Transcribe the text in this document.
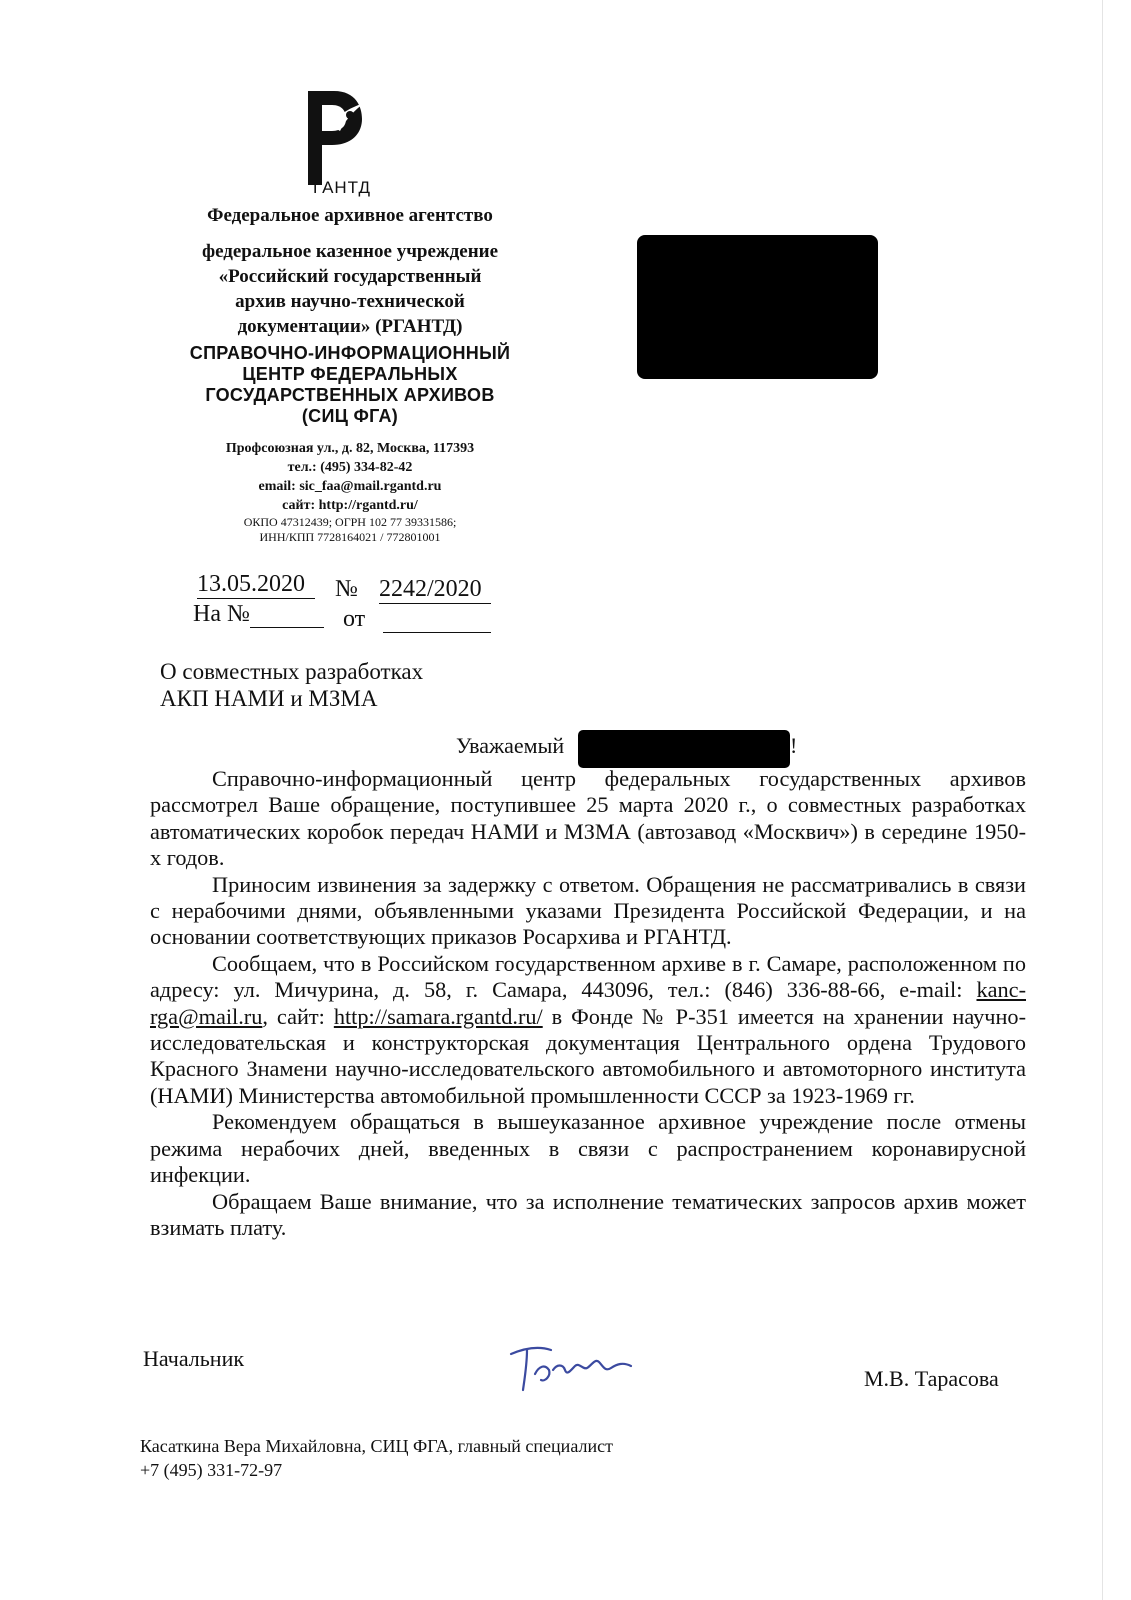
ГАНТД
Федеральное архивное агентство
федеральное казенное учреждение
«Российский государственный
архив научно-технической
документации» (РГАНТД)
СПРАВОЧНО-ИНФОРМАЦИОННЫЙ
ЦЕНТР ФЕДЕРАЛЬНЫХ
ГОСУДАРСТВЕННЫХ АРХИВОВ
(СИЦ ФГА)
Профсоюзная ул., д. 82, Москва, 117393
тел.: (495) 334-82-42
email: sic_faa@mail.rgantd.ru
сайт: http://rgantd.ru/
ОКПО 47312439; ОГРН 102 77 39331586;
ИНН/КПП 7728164021 / 772801001
13.05.2020	№ 2242/2020
На №	от
О совместных разработках
АКП НАМИ и МЗМА
Уважаемый	!

Справочно-информационный центр федеральных государственных архивов рассмотрел Ваше обращение, поступившее 25 марта 2020 г., о совместных разработках автоматических коробок передач НАМИ и МЗМА (автозавод «Москвич») в середине 1950-х годов.

Приносим извинения за задержку с ответом. Обращения не рассматривались в связи с нерабочими днями, объявленными указами Президента Российской Федерации, и на основании соответствующих приказов Росархива и РГАНТД.

Сообщаем, что в Российском государственном архиве в г. Самаре, расположенном по адресу: ул. Мичурина, д. 58, г. Самара, 443096, тел.: (846) 336-88-66, e-mail: kanc-rga@mail.ru, сайт: http://samara.rgantd.ru/ в Фонде № Р-351 имеется на хранении научно-исследовательская и конструкторская документация Центрального ордена Трудового Красного Знамени научно-исследовательского автомобильного и автомоторного института (НАМИ) Министерства автомобильной промышленности СССР за 1923-1969 гг.

Рекомендуем обращаться в вышеуказанное архивное учреждение после отмены режима нерабочих дней, введенных в связи с распространением коронавирусной инфекции.

Обращаем Ваше внимание, что за исполнение тематических запросов архив может взимать плату.

Начальник
М.В. Тарасова
Касаткина Вера Михайловна, СИЦ ФГА, главный специалист
+7 (495) 331-72-97
